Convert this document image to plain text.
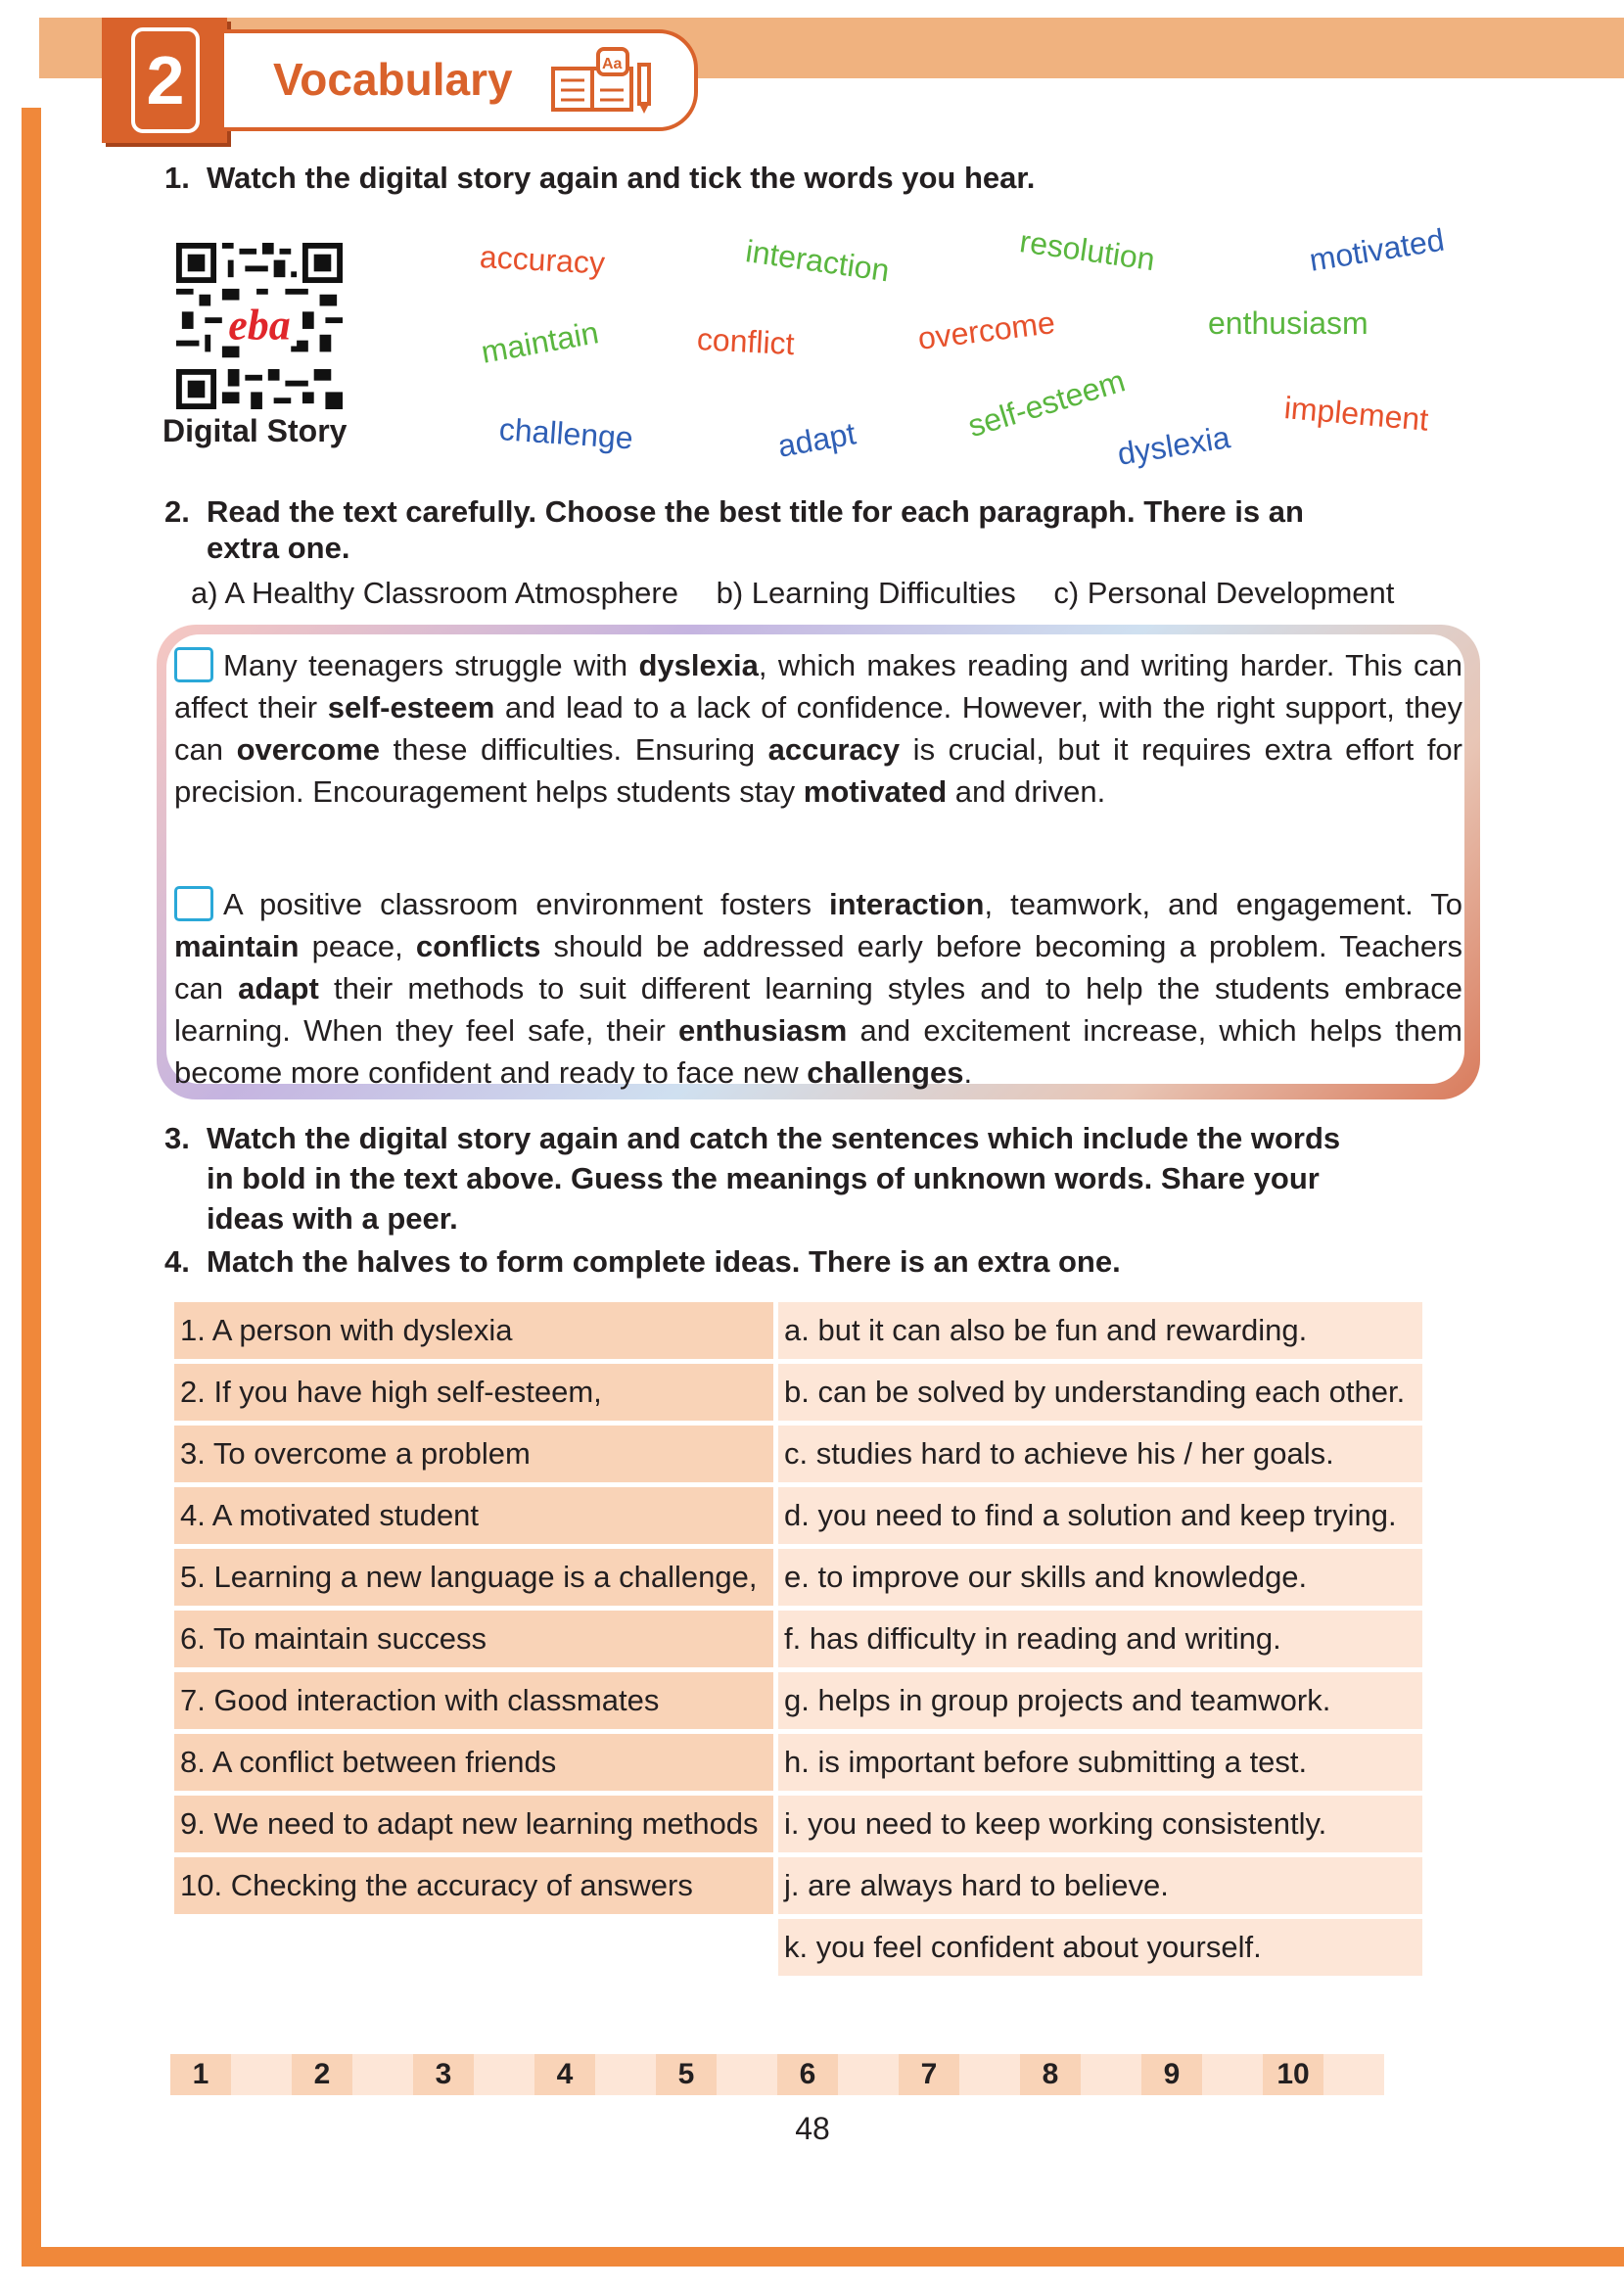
2	Vocabulary	Aa
1. Watch the digital story again and tick the words you hear.
eba
Digital Story
accuracy	interaction	resolution	motivated
maintain	conflict	overcome	enthusiasm
challenge	adapt	self-esteem
dyslexia
implement
2. Read the text carefully. Choose the best title for each paragraph. There is an
extra one.
a) A Healthy Classroom Atmosphere b) Learning Difficulties c) Personal Development
Many teenagers struggle with dyslexia, which makes reading and writing harder. This can affect their self-esteem and lead to a lack of confidence. However, with the right support, they can overcome these difficulties. Ensuring accuracy is crucial, but it requires extra effort for precision. Encouragement helps students stay motivated and driven.
A positive classroom environment fosters interaction, teamwork, and engagement. To maintain peace, conflicts should be addressed early before becoming a problem. Teachers can adapt their methods to suit different learning styles and to help the students embrace learning. When they feel safe, their enthusiasm and excitement increase, which helps them become more confident and ready to face new challenges.
3. Watch the digital story again and catch the sentences which include the words
in bold in the text above. Guess the meanings of unknown words. Share your
ideas with a peer.
4. Match the halves to form complete ideas. There is an extra one.
1. A person with dyslexia	a. but it can also be fun and rewarding.
2. If you have high self-esteem,	b. can be solved by understanding each other.
3. To overcome a problem	c. studies hard to achieve his / her goals.
4. A motivated student	d. you need to find a solution and keep trying.
5. Learning a new language is a challenge,	e. to improve our skills and knowledge.
6. To maintain success	f. has difficulty in reading and writing.
7. Good interaction with classmates	g. helps in group projects and teamwork.
8. A conflict between friends	h. is important before submitting a test.
9. We need to adapt new learning methods	i. you need to keep working consistently.
10. Checking the accuracy of answers	j. are always hard to believe.
	k. you feel confident about yourself.
1	2	3	4	5	6	7	8	9	10
48
